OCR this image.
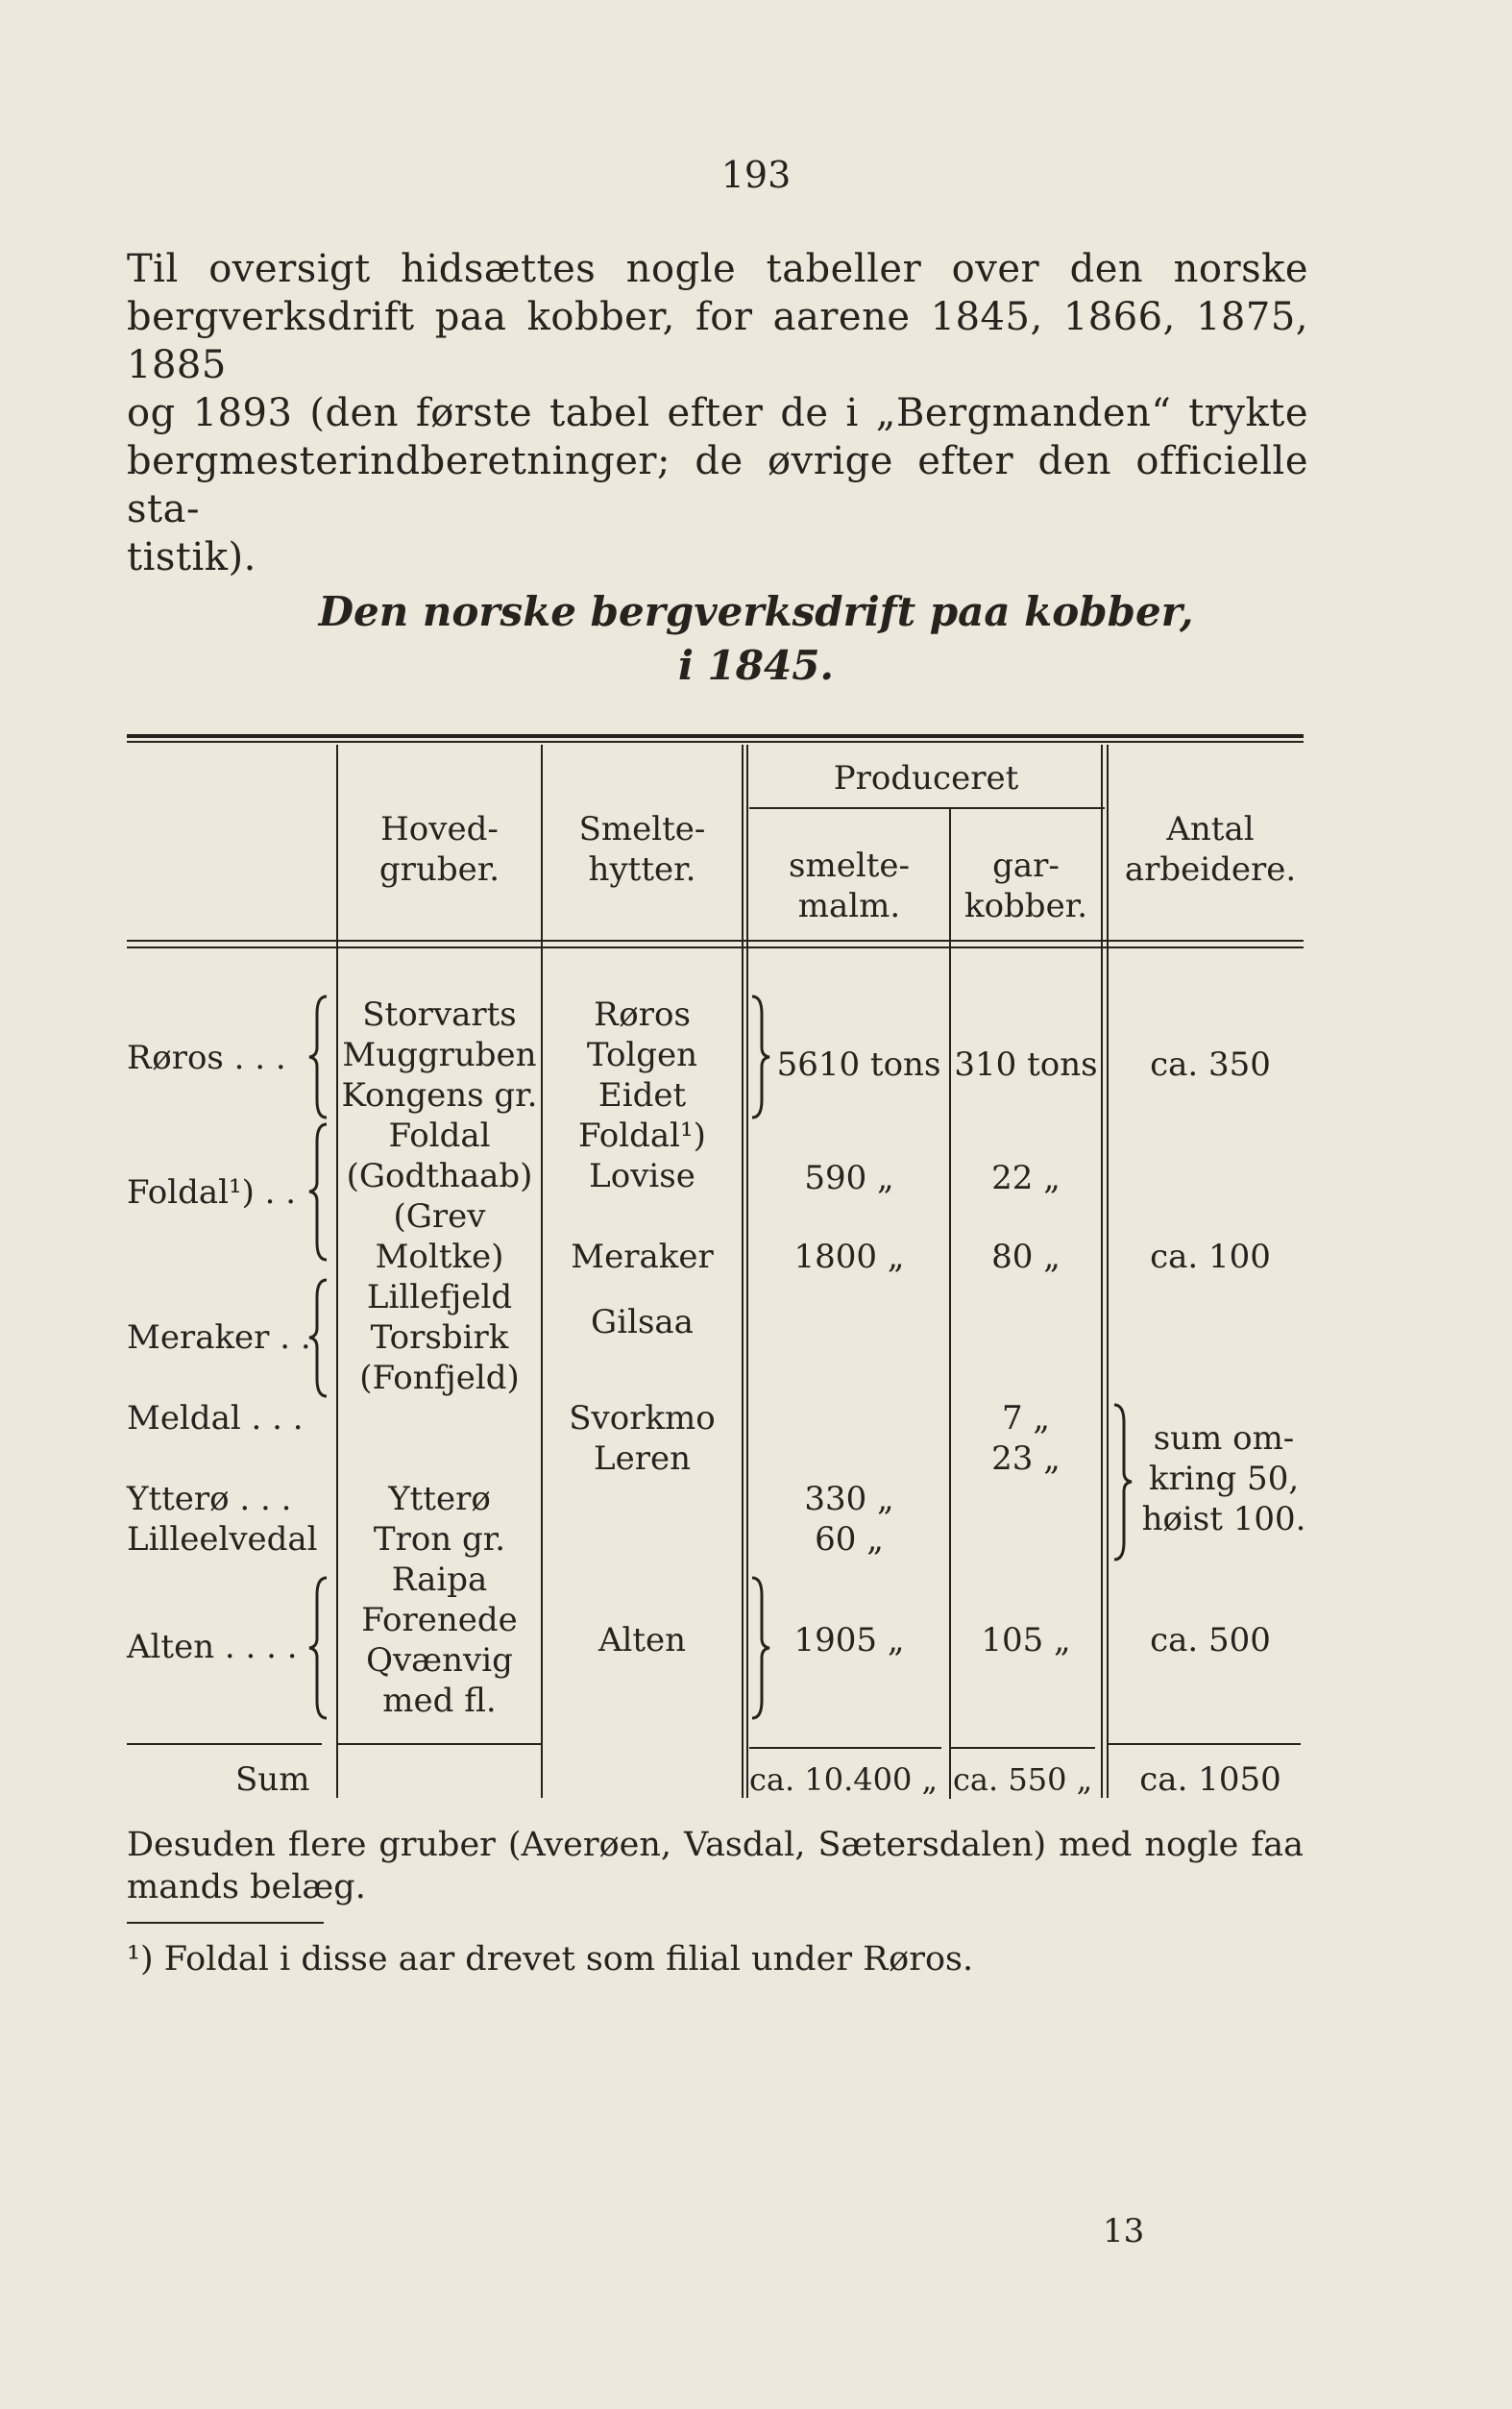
193
Til oversigt hidsættes nogle tabeller over den norske
bergverksdrift paa kobber, for aarene 1845, 1866, 1875, 1885
og 1893 (den første tabel efter de i „Bergmanden“ trykte
bergmesterindberetninger; de øvrige efter den officielle sta-
tistik).
Den norske bergverksdrift paa kobber,
i 1845.
Hoved-
gruber.
Smelte-
hytter.
Produceret
smelte-
malm.
gar-
kobber.
Antal
arbeidere.
Røros . . .
Foldal¹) . .
Meraker . .
Meldal . . .
Ytterø . . .
Lilleelvedal
Alten . . . .
Storvarts
Muggruben
Kongens gr.
Foldal
(Godthaab)
(Grev
Moltke)
Lillefjeld
Torsbirk
(Fonfjeld)
Ytterø
Tron gr.
Raipa
Forenede
Qvænvig
med fl.
Røros
Tolgen
Eidet
Foldal¹)
Lovise
Meraker
Gilsaa
Svorkmo
Leren
Alten
5610 tons
590 „
1800 „
330 „
60 „
1905 „
310 tons
22 „
80 „
7 „
23 „
105 „
ca. 350
ca. 100
sum om-
kring 50,
høist 100.
ca. 500
Sum	ca. 10.400 „ ca. 550 „	ca. 1050
Desuden flere gruber (Averøen, Vasdal, Sætersdalen) med nogle faa
mands belæg.
¹) Foldal i disse aar drevet som filial under Røros.
13
